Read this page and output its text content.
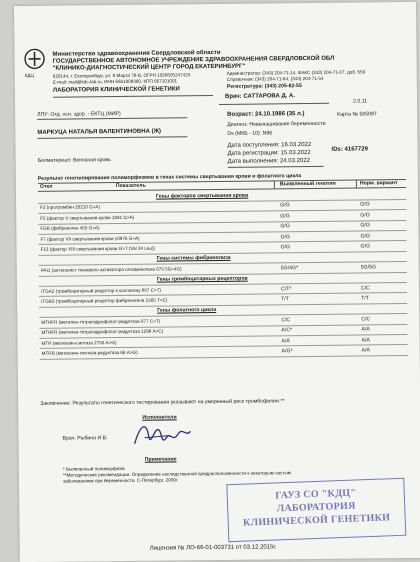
КДЦ
Министерство здравоохранения Свердловской области
ГОСУДАРСТВЕННОЕ АВТОНОМНОЕ УЧРЕЖДЕНИЕ ЗДРАВООХРАНЕНИЯ СВЕРДЛОВСКОЙ ОБЛ
"КЛИНИКО-ДИАГНОСТИЧЕСКИЙ ЦЕНТР ГОРОД ЕКАТЕРИНБУРГ"
620144, г. Екатеринбург, ул. 8 Марта 78-В, ОГРН 1026605247425
E-mail: mail@kdc-lab.ru, ИНН 6661008380, КПП 667101001
Администратор: (343) 204-71-14, ФАКС (343) 204-71-07, доб. 559
Справочная: (343) 204-71-64, (343) 204-71-54
Регистратура: (343) 205-82-55
ЛАБОРАТОРИЯ КЛИНИЧЕСКОЙ ГЕНЕТИКИ
Врач: САТТАРОВА Д. А.
2.0.11
ЛПУ: Отд. осн. здор. - ЕКТЦ (МИР)	Возраст: 24.10.1986 (35 л.)	Карта № 505097
Диагноз: Невынашивание беременности
МАРКУЦА НАТАЛЬЯ ВАЛЕНТИНОВНА (Ж)	Ds (МКБ - 10): N96
Дата поступления: 16.03.2022
Дата регистрации: 15.03.2022
IDs: 4167729
Биоматериал: Венозная кровь	Дата выполнения: 24.03.2022
Результат генотипирования полиморфизмов в генах системы свертывания крови и фолатного цикла
Откл	Показатель	Выявленный генотип	Норм. вариант
Гены факторов свертывания крови
F2 (протромбин 20210 G>A)	G/G	G/G
F5 (фактор V свертывания крови 1691 G>A)	G/G	G/G
FGB (фибриноген 455 G>A)	G/G	G/G
F7 (фактор VII свертывания крови 10976 G>A)	G/G	G/G
F13 (фактор XIII свертывания крови G>T (Val 34 Leu))	G/G	G/G
Гены системы фибринолиза
PAI1 (антагонист тканевого активатора плазминогена 675 5G>4G)	5G/4G*	5G/5G
Гены тромбоцитарных рецепторов
ITGA2 (тромбоцитарный рецептор к коллагену 807 C>T)	C/T*	C/C
ITGB3 (тромбоцитарный рецептор фибриногена 1565 T>C)	T/T	T/T
Гены фолатного цикла
MTHFR (метилен-тетрагидрофолат-редуктаза 677 C>T)	C/C	C/C
MTHFR (метилен-тетрагидрофолат-редуктаза 1298 A>C)	A/C*	A/A
MTR (метионин-синтаза 2756 A>G)	A/A	A/A
MTRR (метионин-синтаза-редуктаза 66 A>G)	A/G*	A/A
Заключение: Результаты генетического тестирования указывают на умеренный риск тромбофилии.**
Исполнители
Врач: Рыбина И.В.
Примечание
* Выявленный полиморфизм
**Методические рекомендации. Определение наследственной предрасположенности к некоторым частым
заболеваниям при беременности. С-Петербург, 2009г.
ГАУЗ СО "КДЦ"
ЛАБОРАТОРИЯ
КЛИНИЧЕСКОЙ ГЕНЕТИКИ
Лицензия № ЛО-66-01-003731 от 03.12.2015г.
